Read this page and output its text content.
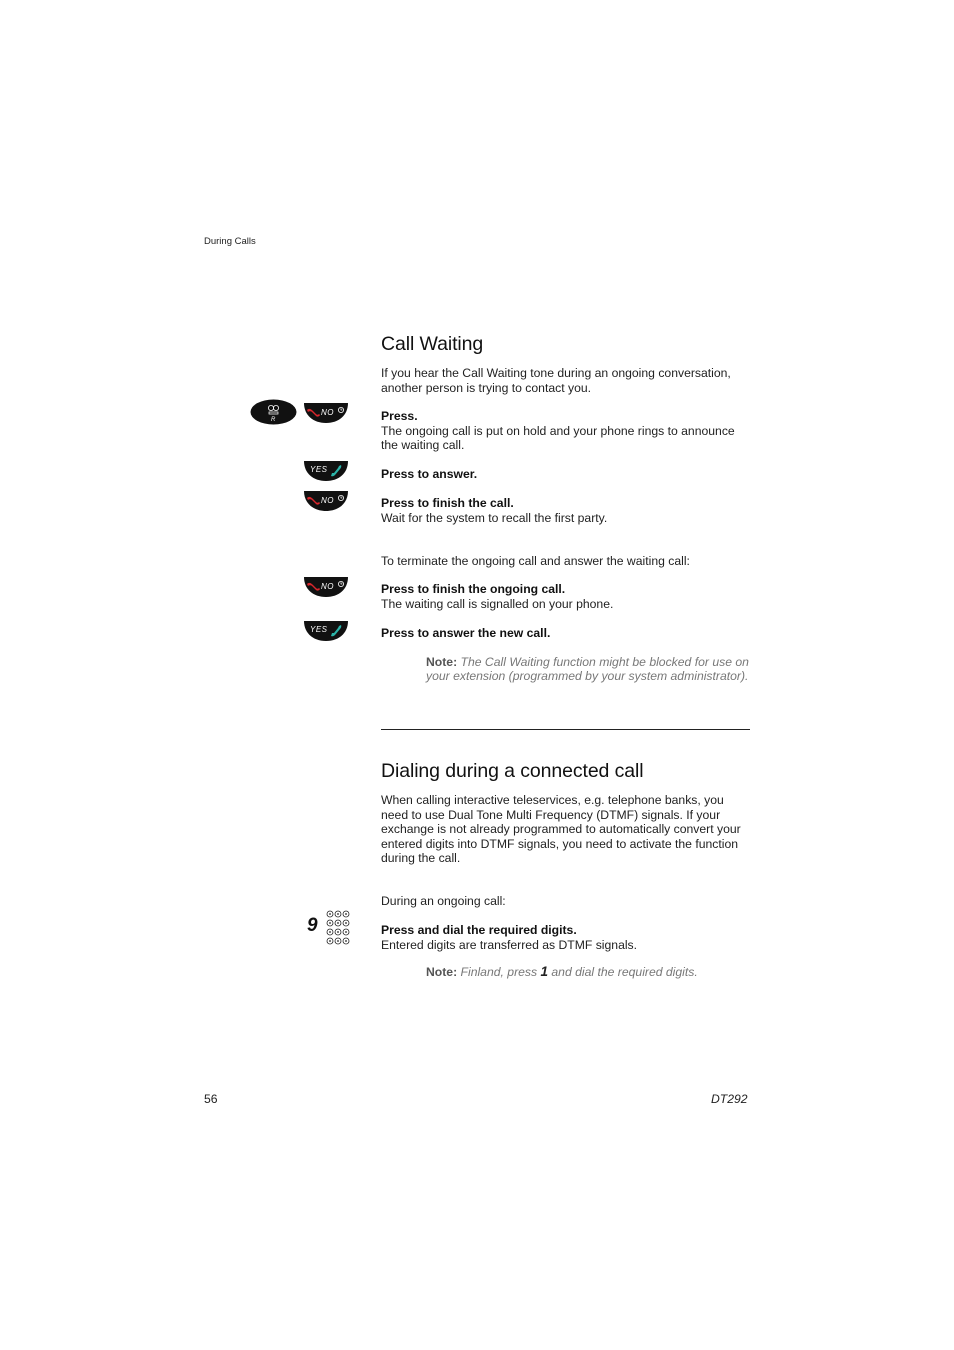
During Calls
Call Waiting
If you hear the Call Waiting tone during an ongoing conversation, another person is trying to contact you.
R
NO	Press.
The ongoing call is put on hold and your phone rings to announce the waiting call.
YES	Press to answer.
NO	Press to finish the call.
Wait for the system to recall the first party.
To terminate the ongoing call and answer the waiting call:
NO	Press to finish the ongoing call.
The waiting call is signalled on your phone.
YES	Press to answer the new call.
Note: The Call Waiting function might be blocked for use on your extension (programmed by your system administrator).
Dialing during a connected call
When calling interactive teleservices, e.g. telephone banks, you need to use Dual Tone Multi Frequency (DTMF) signals. If your exchange is not already programmed to automatically convert your entered digits into DTMF signals, you need to activate the function during the call.
During an ongoing call:
9	Press and dial the required digits.
Entered digits are transferred as DTMF signals.
Note: Finland, press 1 and dial the required digits.
56	DT292
